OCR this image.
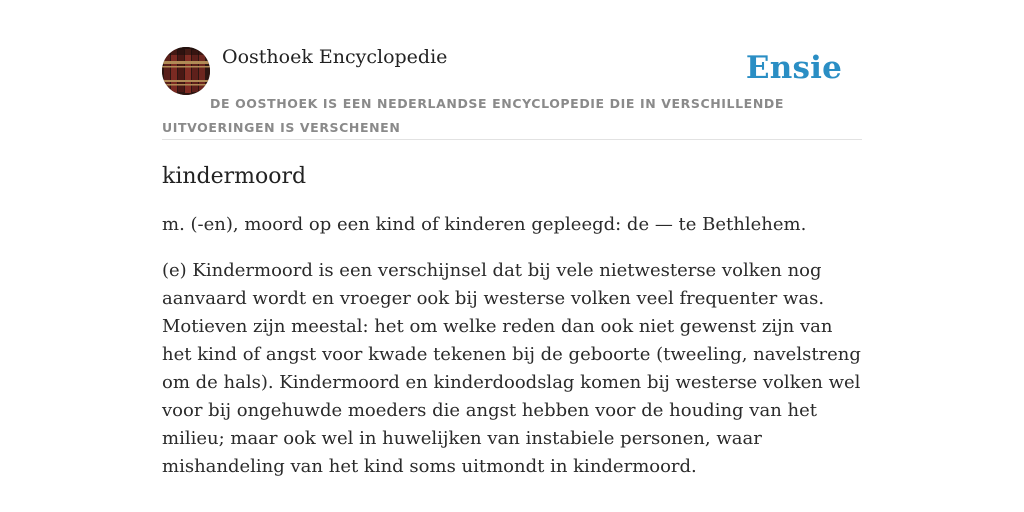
Oosthoek Encyclopedie	Ensie
DE OOSTHOEK IS EEN NEDERLANDSE ENCYCLOPEDIE DIE IN VERSCHILLENDE UITVOERINGEN IS VERSCHENEN
kindermoord

m. (-en), moord op een kind of kinderen gepleegd: de — te Bethlehem.

(e) Kindermoord is een verschijnsel dat bij vele nietwesterse volken nog aanvaard wordt en vroeger ook bij westerse volken veel frequenter was. Motieven zijn meestal: het om welke reden dan ook niet gewenst zijn van het kind of angst voor kwade tekenen bij de geboorte (tweeling, navelstreng om de hals). Kindermoord en kinderdoodslag komen bij westerse volken wel voor bij ongehuwde moeders die angst hebben voor de houding van het milieu; maar ook wel in huwelijken van instabiele personen, waar mishandeling van het kind soms uitmondt in kindermoord.
